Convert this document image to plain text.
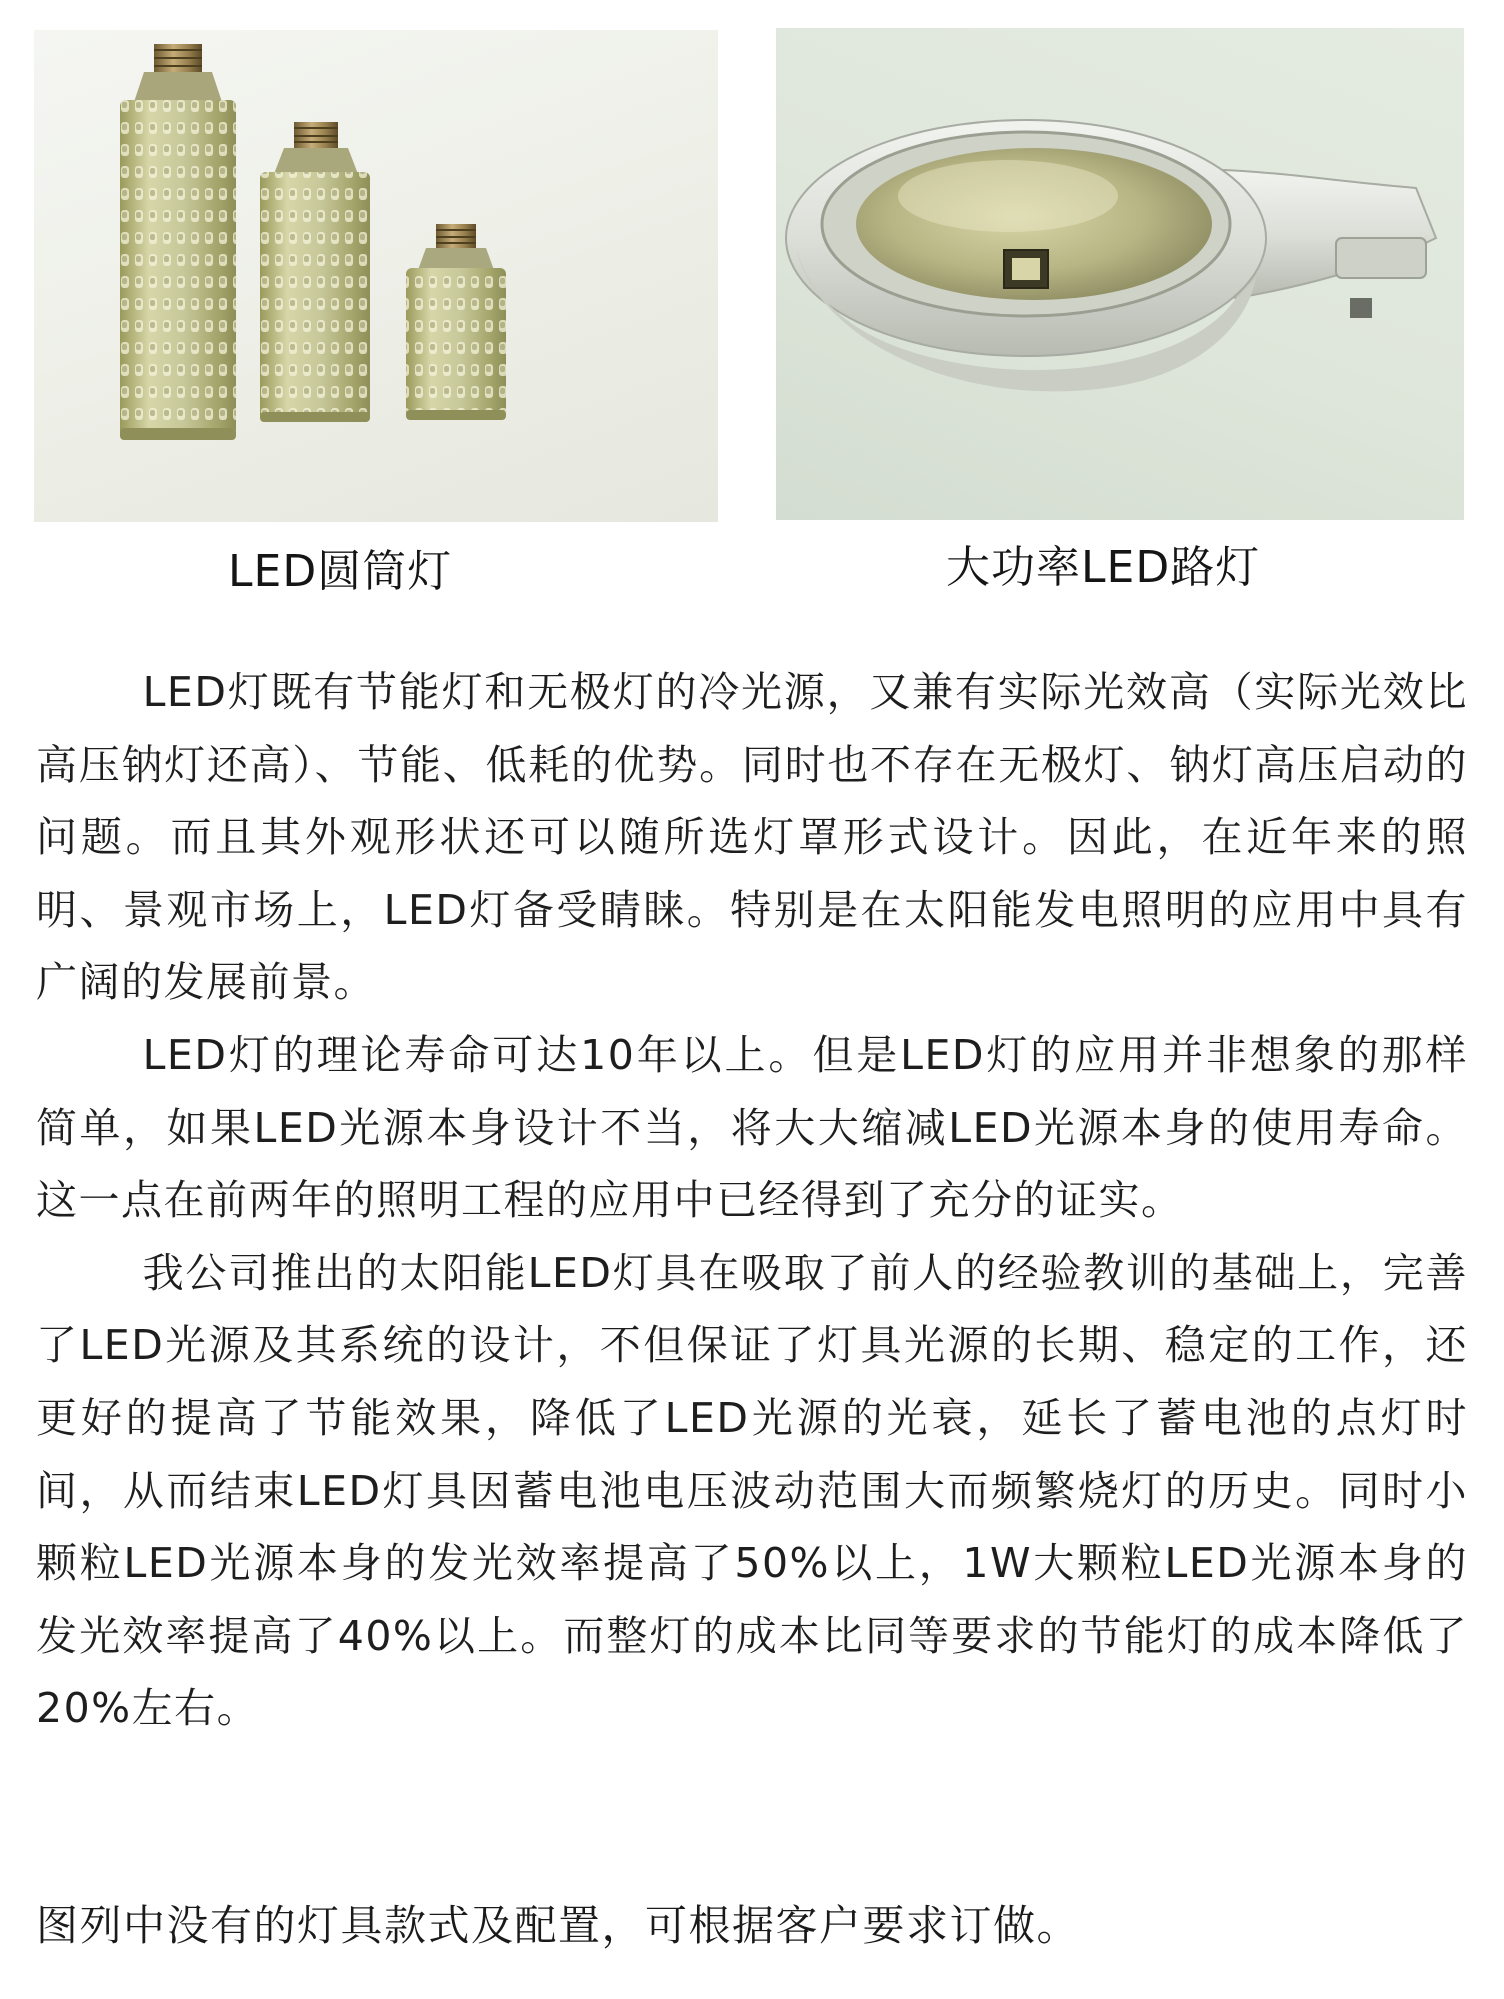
LED圆筒灯	大功率LED路灯

LED灯既有节能灯和无极灯的冷光源，又兼有实际光效高（实际光效比高压钠灯还高）、节能、低耗的优势。同时也不存在无极灯、钠灯高压启动的问题。而且其外观形状还可以随所选灯罩形式设计。因此，在近年来的照明、景观市场上，LED灯备受睛睐。特别是在太阳能发电照明的应用中具有广阔的发展前景。

LED灯的理论寿命可达10年以上。但是LED灯的应用并非想象的那样简单，如果LED光源本身设计不当，将大大缩减LED光源本身的使用寿命。这一点在前两年的照明工程的应用中已经得到了充分的证实。

我公司推出的太阳能LED灯具在吸取了前人的经验教训的基础上，完善了LED光源及其系统的设计，不但保证了灯具光源的长期、稳定的工作，还更好的提高了节能效果，降低了LED光源的光衰，延长了蓄电池的点灯时间，从而结束LED灯具因蓄电池电压波动范围大而频繁烧灯的历史。同时小颗粒LED光源本身的发光效率提高了50%以上，1W大颗粒LED光源本身的发光效率提高了40%以上。而整灯的成本比同等要求的节能灯的成本降低了20%左右。

图列中没有的灯具款式及配置，可根据客户要求订做。
